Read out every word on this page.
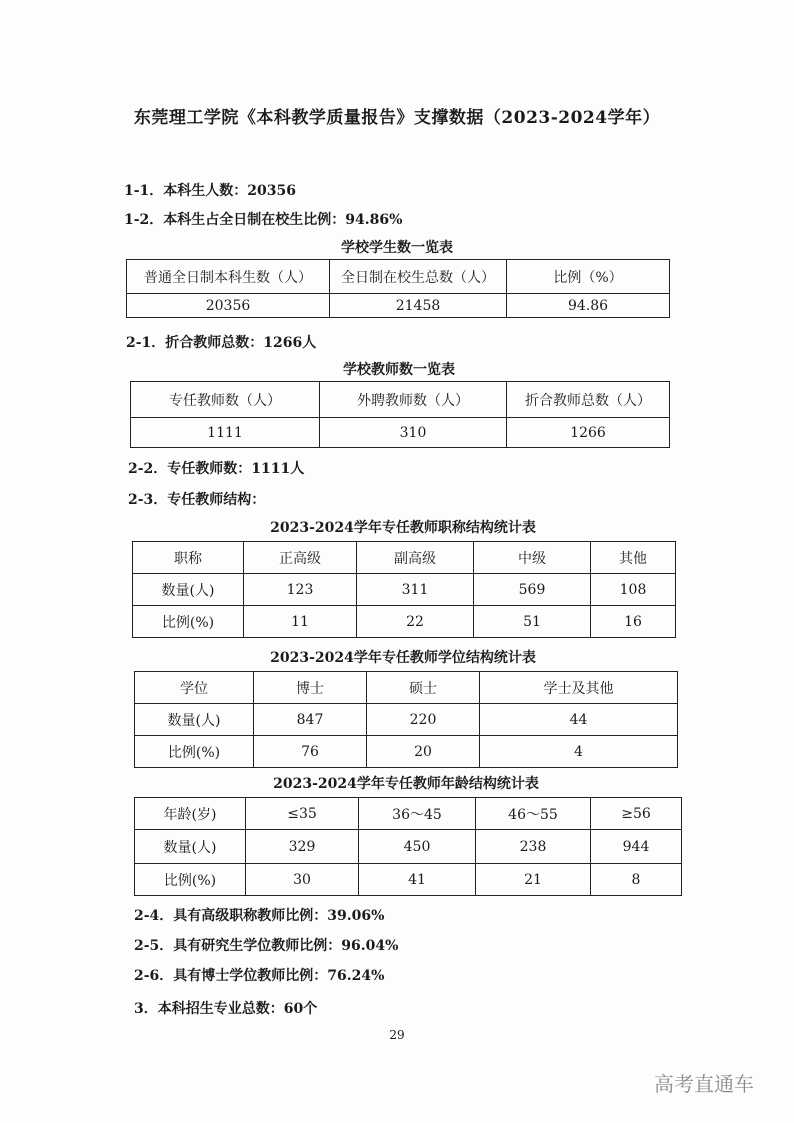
东莞理工学院《本科教学质量报告》支撑数据（2023-2024学年）
1-1．本科生人数：20356
1-2．本科生占全日制在校生比例：94.86%
学校学生数一览表
普通全日制本科生数（人）	全日制在校生总数（人）	比例（%）
20356	21458	94.86
2-1．折合教师总数：1266人
学校教师数一览表
专任教师数（人）	外聘教师数（人）	折合教师总数（人）
1111	310	1266
2-2．专任教师数：1111人
2-3．专任教师结构：
2023-2024学年专任教师职称结构统计表
职称	正高级	副高级	中级	其他
数量(人)	123	311	569	108
比例(%)	11	22	51	16
2023-2024学年专任教师学位结构统计表
学位	博士	硕士	学士及其他
数量(人)	847	220	44
比例(%)	76	20	4
2023-2024学年专任教师年龄结构统计表
年龄(岁)	≤35	36～45	46～55	≥56
数量(人)	329	450	238	944
比例(%)	30	41	21	8
2-4．具有高级职称教师比例：39.06%
2-5．具有研究生学位教师比例：96.04%
2-6．具有博士学位教师比例：76.24%
3．本科招生专业总数：60个
29
高考直通车
